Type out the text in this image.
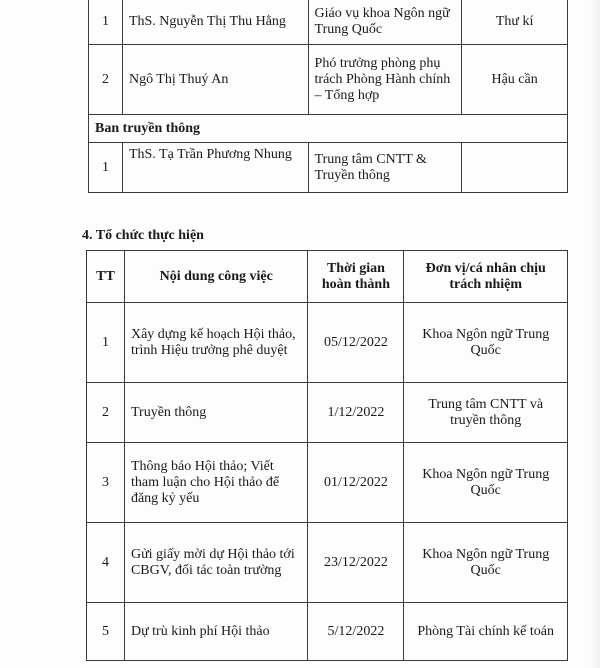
1	ThS. Nguyễn Thị Thu Hằng	Giáo vụ khoa Ngôn ngữ Trung Quốc	Thư kí
2	Ngô Thị Thuý An	Phó trưởng phòng phụ trách Phòng Hành chính – Tổng hợp	Hậu cần
Ban truyền thông			
1	ThS. Tạ Trần Phương Nhung	Trung tâm CNTT & Truyền thông	
4. Tổ chức thực hiện
TT	Nội dung công việc	Thời gian hoàn thành	Đơn vị/cá nhân chịu trách nhiệm
1	Xây dựng kế hoạch Hội thảo, trình Hiệu trưởng phê duyệt	05/12/2022	Khoa Ngôn ngữ Trung Quốc
2	Truyền thông	1/12/2022	Trung tâm CNTT và truyền thông
3	Thông báo Hội thảo; Viết tham luận cho Hội thảo để đăng kỷ yếu	01/12/2022	Khoa Ngôn ngữ Trung Quốc
4	Gửi giấy mời dự Hội thảo tới CBGV, đối tác toàn trường	23/12/2022	Khoa Ngôn ngữ Trung Quốc
5	Dự trù kinh phí Hội thảo	5/12/2022	Phòng Tài chính kế toán
